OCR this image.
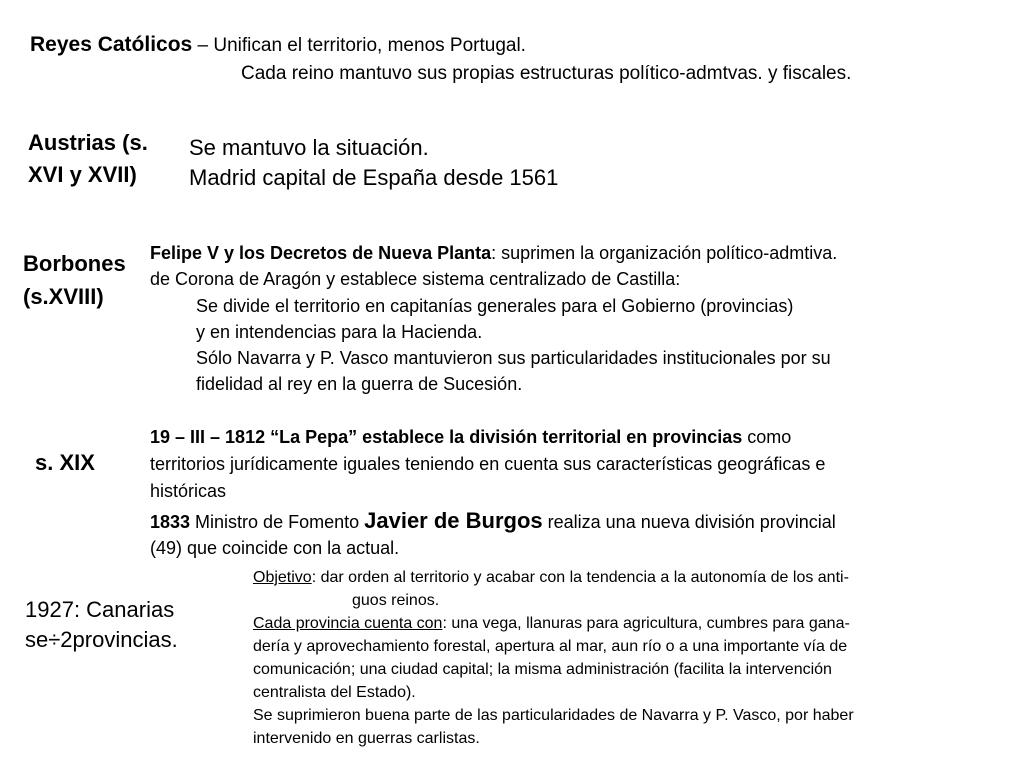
Reyes Católicos – Unifican el territorio, menos Portugal.
Cada reino mantuvo sus propias estructuras político-admtvas. y fiscales.
Austrias (s. XVI y XVII)
Se mantuvo la situación.
Madrid capital de España desde 1561
Borbones (s.XVIII)
Felipe V y los Decretos de Nueva Planta: suprimen la organización político-admtiva.
de Corona de Aragón y establece sistema centralizado de Castilla:
Se divide el territorio en capitanías generales para el Gobierno (provincias)
y en intendencias para la Hacienda.
Sólo Navarra y P. Vasco mantuvieron sus particularidades institucionales por su
fidelidad al rey en la guerra de Sucesión.
s. XIX
19 – III – 1812 “La Pepa” establece la división territorial en provincias como
territorios jurídicamente iguales teniendo en cuenta sus características geográficas e
históricas
1833 Ministro de Fomento Javier de Burgos realiza una nueva división provincial
(49) que coincide con la actual.
1927: Canarias
se÷2provincias.
Objetivo: dar orden al territorio y acabar con la tendencia a la autonomía de los anti-
guos reinos.
Cada provincia cuenta con: una vega, llanuras para agricultura, cumbres para gana-
dería y aprovechamiento forestal, apertura al mar, aun río o a una importante vía de
comunicación; una ciudad capital; la misma administración (facilita la intervención
centralista del Estado).
Se suprimieron buena parte de las particularidades de Navarra y P. Vasco, por haber
intervenido en guerras carlistas.
